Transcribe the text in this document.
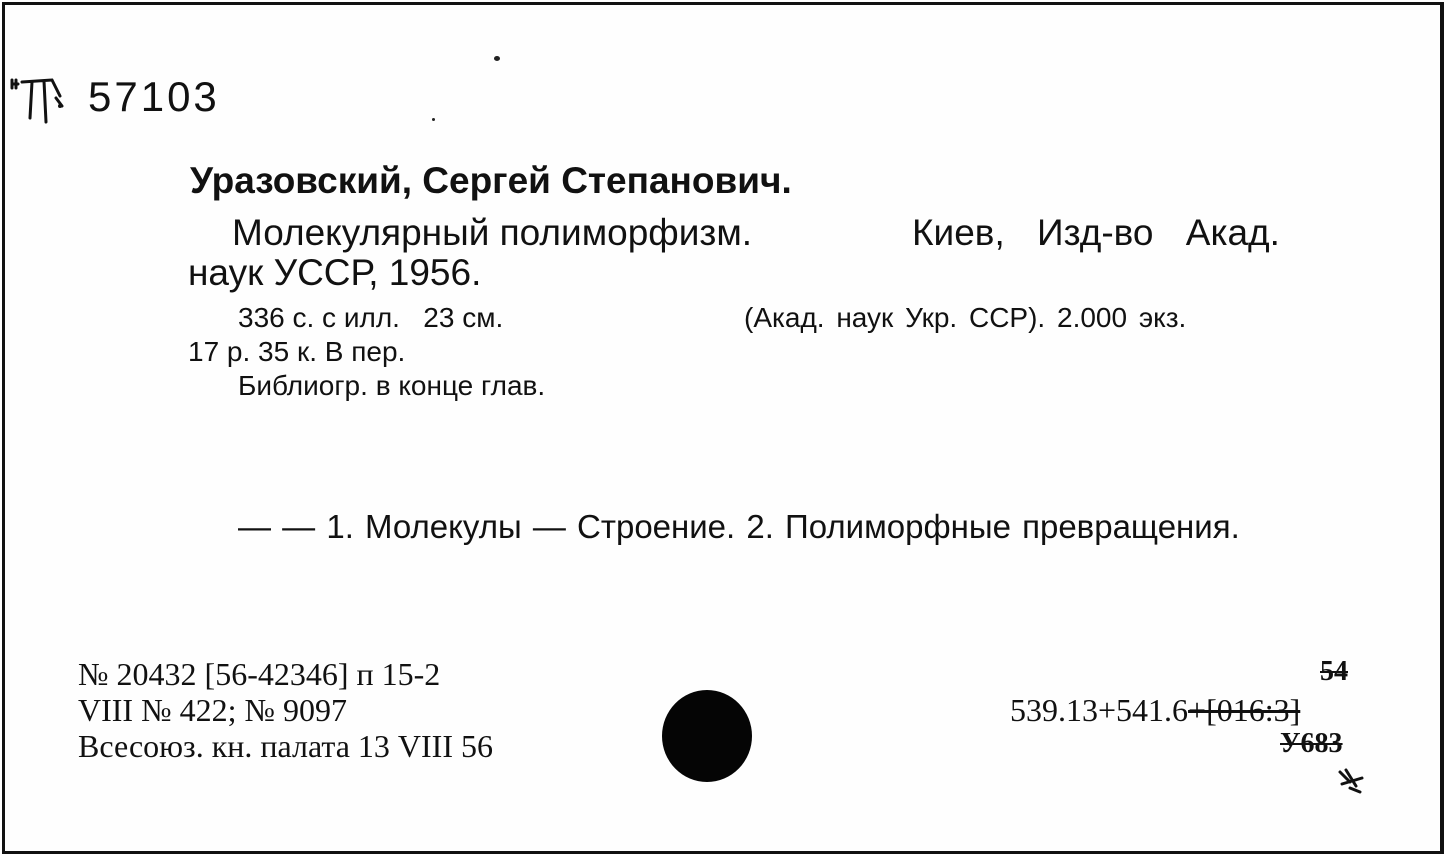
57103
Уразовский, Сергей Степанович.
Молекулярный полиморфизм.	Киев, Изд-во Акад.
наук УССР, 1956.
336 с. с илл.   23 см.	(Акад. наук Укр. ССР). 2.000 экз.
17 р. 35 к. В пер.
Библиогр. в конце глав.
— — 1. Молекулы — Строение. 2. Полиморфные превращения.
№ 20432 [56-42346] п 15-2
VIII № 422; № 9097
Всесоюз. кн. палата 13 VIII 56
54
539.13+541.6+[016:3]
У683
